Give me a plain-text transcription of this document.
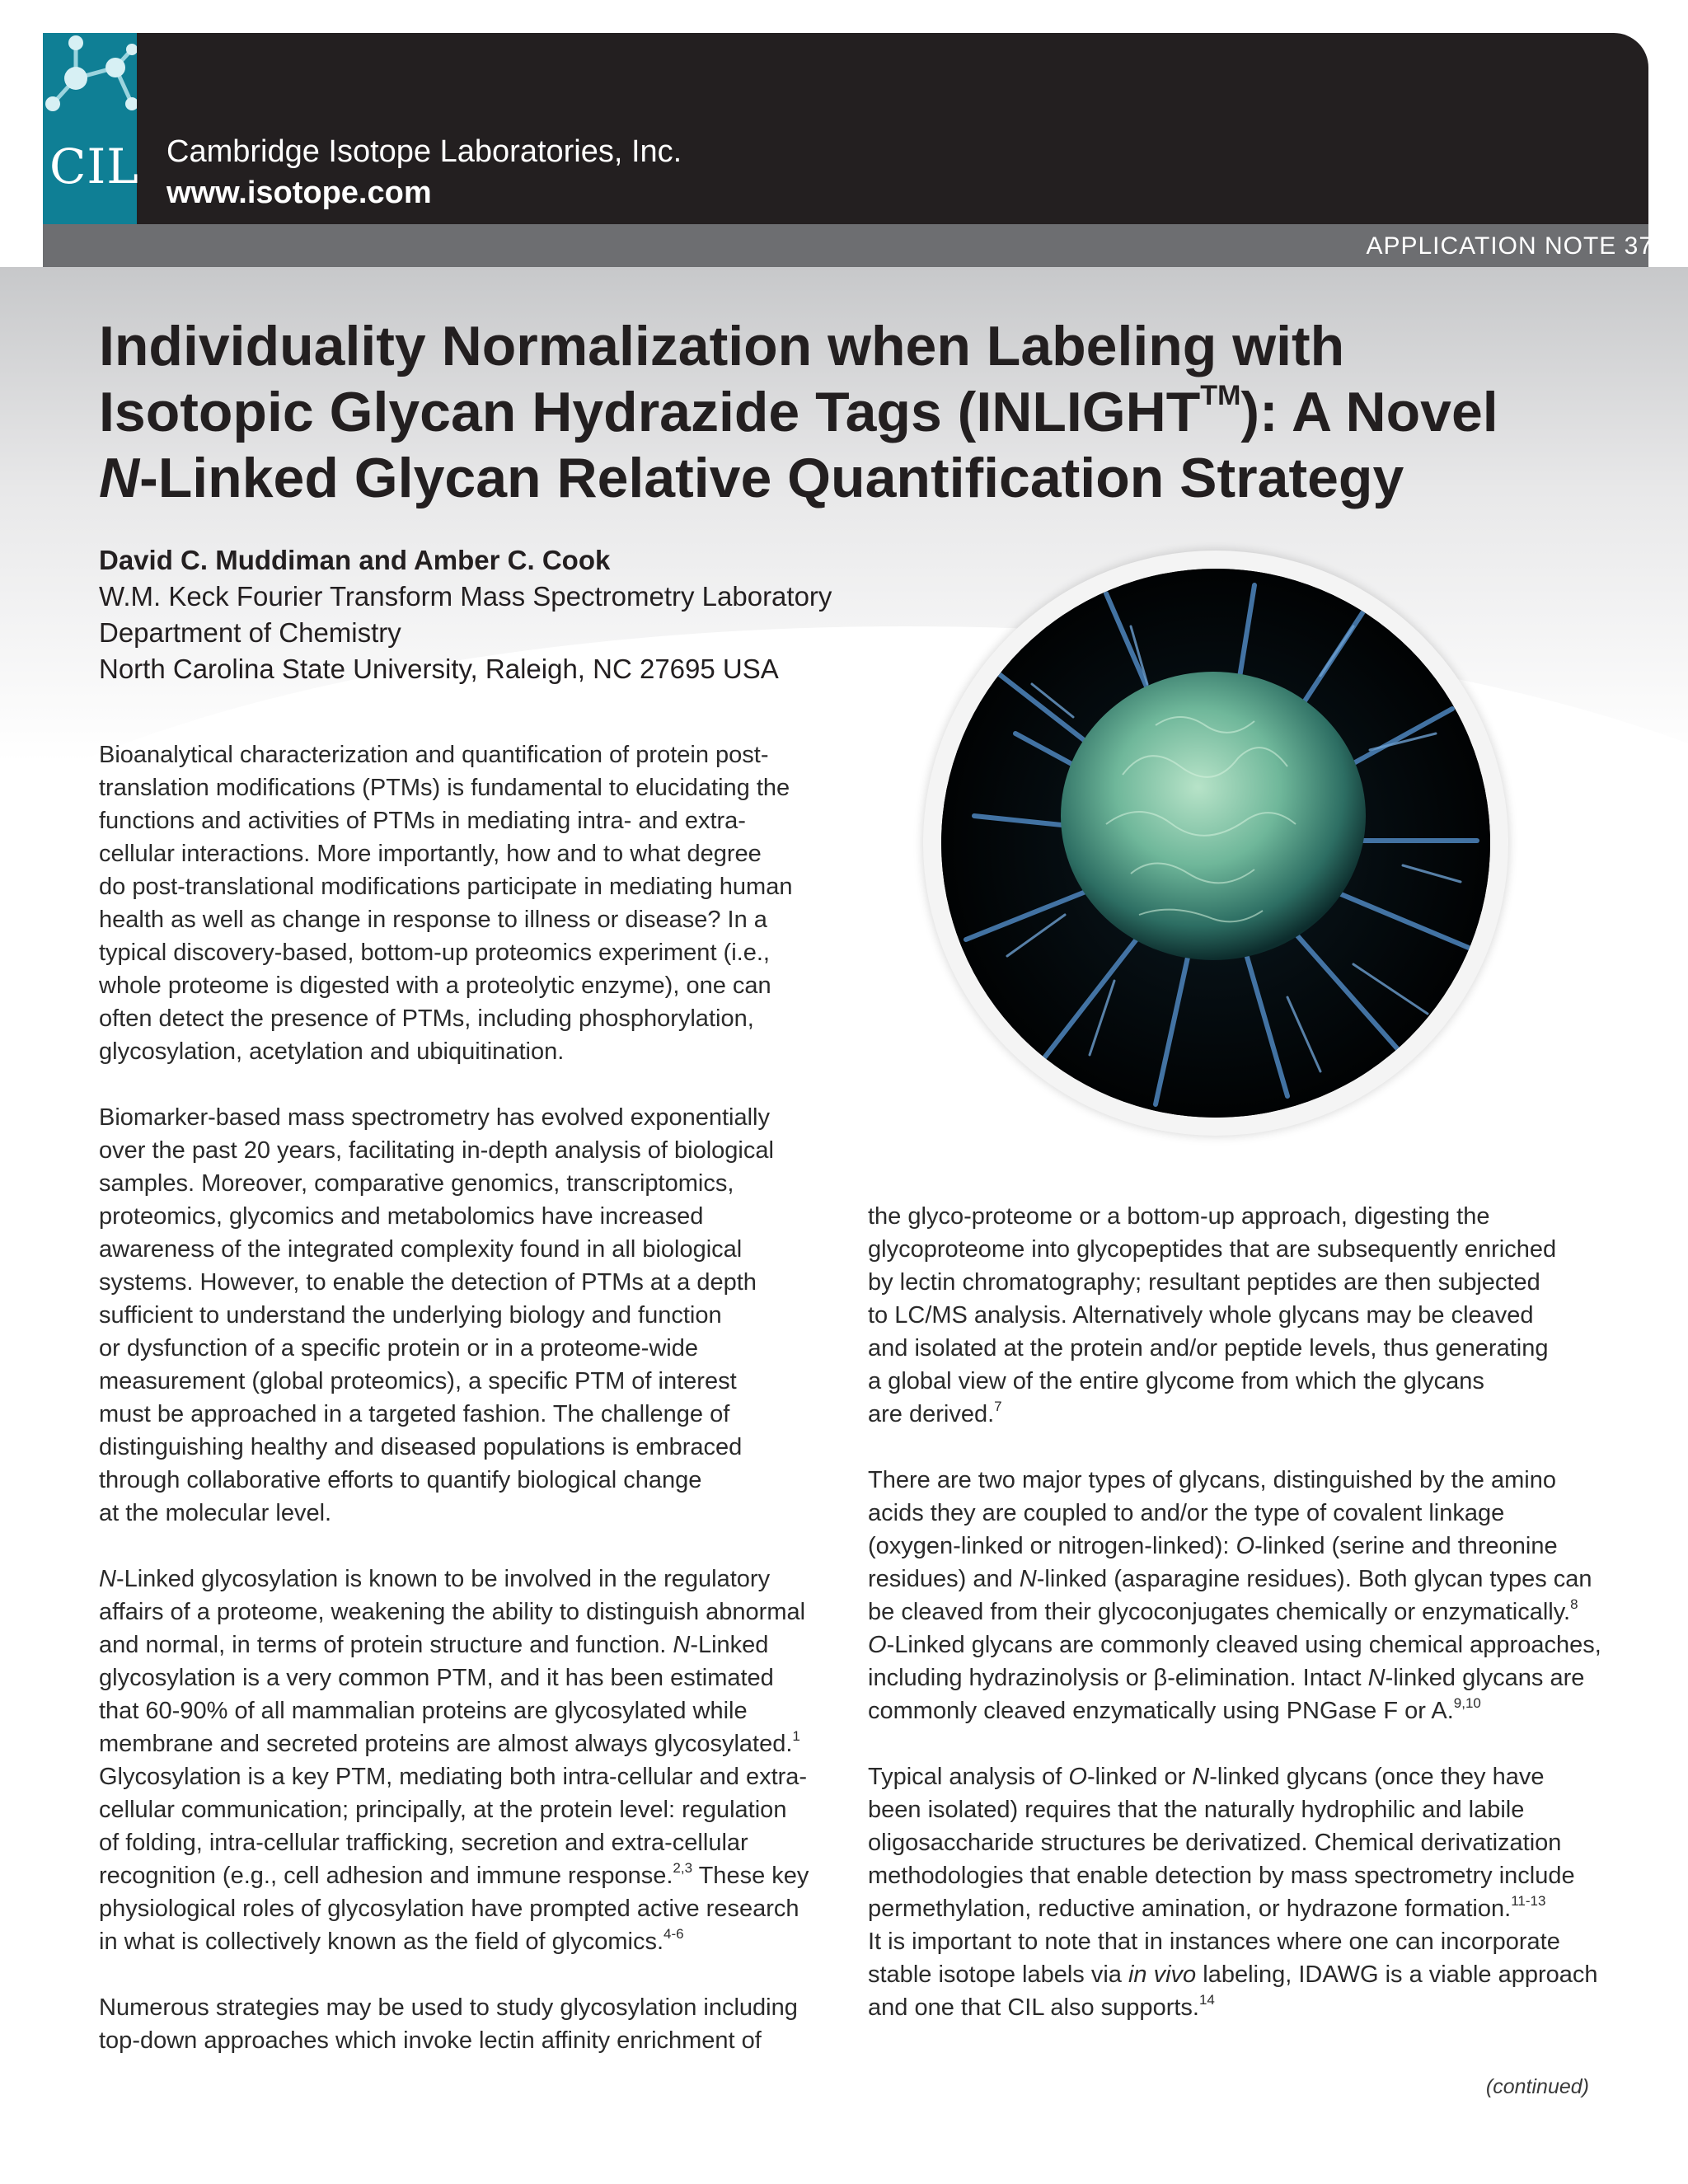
CIL Cambridge Isotope Laboratories, Inc.
www.isotope.com
APPLICATION NOTE 37
Individuality Normalization when Labeling with
Isotopic Glycan Hydrazide Tags (INLIGHT™): A Novel
N-Linked Glycan Relative Quantification Strategy
David C. Muddiman and Amber C. Cook
W.M. Keck Fourier Transform Mass Spectrometry Laboratory
Department of Chemistry
North Carolina State University, Raleigh, NC 27695 USA

Bioanalytical characterization and quantification of protein post-
translation modifications (PTMs) is fundamental to elucidating the
functions and activities of PTMs in mediating intra- and extra-
cellular interactions. More importantly, how and to what degree
do post-translational modifications participate in mediating human
health as well as change in response to illness or disease? In a
typical discovery-based, bottom-up proteomics experiment (i.e.,
whole proteome is digested with a proteolytic enzyme), one can
often detect the presence of PTMs, including phosphorylation,
glycosylation, acetylation and ubiquitination.

Biomarker-based mass spectrometry has evolved exponentially
over the past 20 years, facilitating in-depth analysis of biological
samples. Moreover, comparative genomics, transcriptomics,
proteomics, glycomics and metabolomics have increased
awareness of the integrated complexity found in all biological
systems. However, to enable the detection of PTMs at a depth
sufficient to understand the underlying biology and function
or dysfunction of a specific protein or in a proteome-wide
measurement (global proteomics), a specific PTM of interest
must be approached in a targeted fashion. The challenge of
distinguishing healthy and diseased populations is embraced
through collaborative efforts to quantify biological change
at the molecular level.

N-Linked glycosylation is known to be involved in the regulatory
affairs of a proteome, weakening the ability to distinguish abnormal
and normal, in terms of protein structure and function. N-Linked
glycosylation is a very common PTM, and it has been estimated
that 60-90% of all mammalian proteins are glycosylated while
membrane and secreted proteins are almost always glycosylated.$^1$
Glycosylation is a key PTM, mediating both intra-cellular and extra-
cellular communication; principally, at the protein level: regulation
of folding, intra-cellular trafficking, secretion and extra-cellular
recognition (e.g., cell adhesion and immune response.$^{2,3}$ These key
physiological roles of glycosylation have prompted active research
in what is collectively known as the field of glycomics.$^{4-6}$

Numerous strategies may be used to study glycosylation including
top-down approaches which invoke lectin affinity enrichment of

the glyco-proteome or a bottom-up approach, digesting the
glycoproteome into glycopeptides that are subsequently enriched
by lectin chromatography; resultant peptides are then subjected
to LC/MS analysis. Alternatively whole glycans may be cleaved
and isolated at the protein and/or peptide levels, thus generating
a global view of the entire glycome from which the glycans
are derived.$^7$

There are two major types of glycans, distinguished by the amino
acids they are coupled to and/or the type of covalent linkage
(oxygen-linked or nitrogen-linked): O-linked (serine and threonine
residues) and N-linked (asparagine residues). Both glycan types can
be cleaved from their glycoconjugates chemically or enzymatically.$^8$
O-Linked glycans are commonly cleaved using chemical approaches,
including hydrazinolysis or β-elimination. Intact N-linked glycans are
commonly cleaved enzymatically using PNGase F or A.$^{9,10}$

Typical analysis of O-linked or N-linked glycans (once they have
been isolated) requires that the naturally hydrophilic and labile
oligosaccharide structures be derivatized. Chemical derivatization
methodologies that enable detection by mass spectrometry include
permethylation, reductive amination, or hydrazone formation.$^{11-13}$
It is important to note that in instances where one can incorporate
stable isotope labels via in vivo labeling, IDAWG is a viable approach
and one that CIL also supports.$^{14}$

(continued)
